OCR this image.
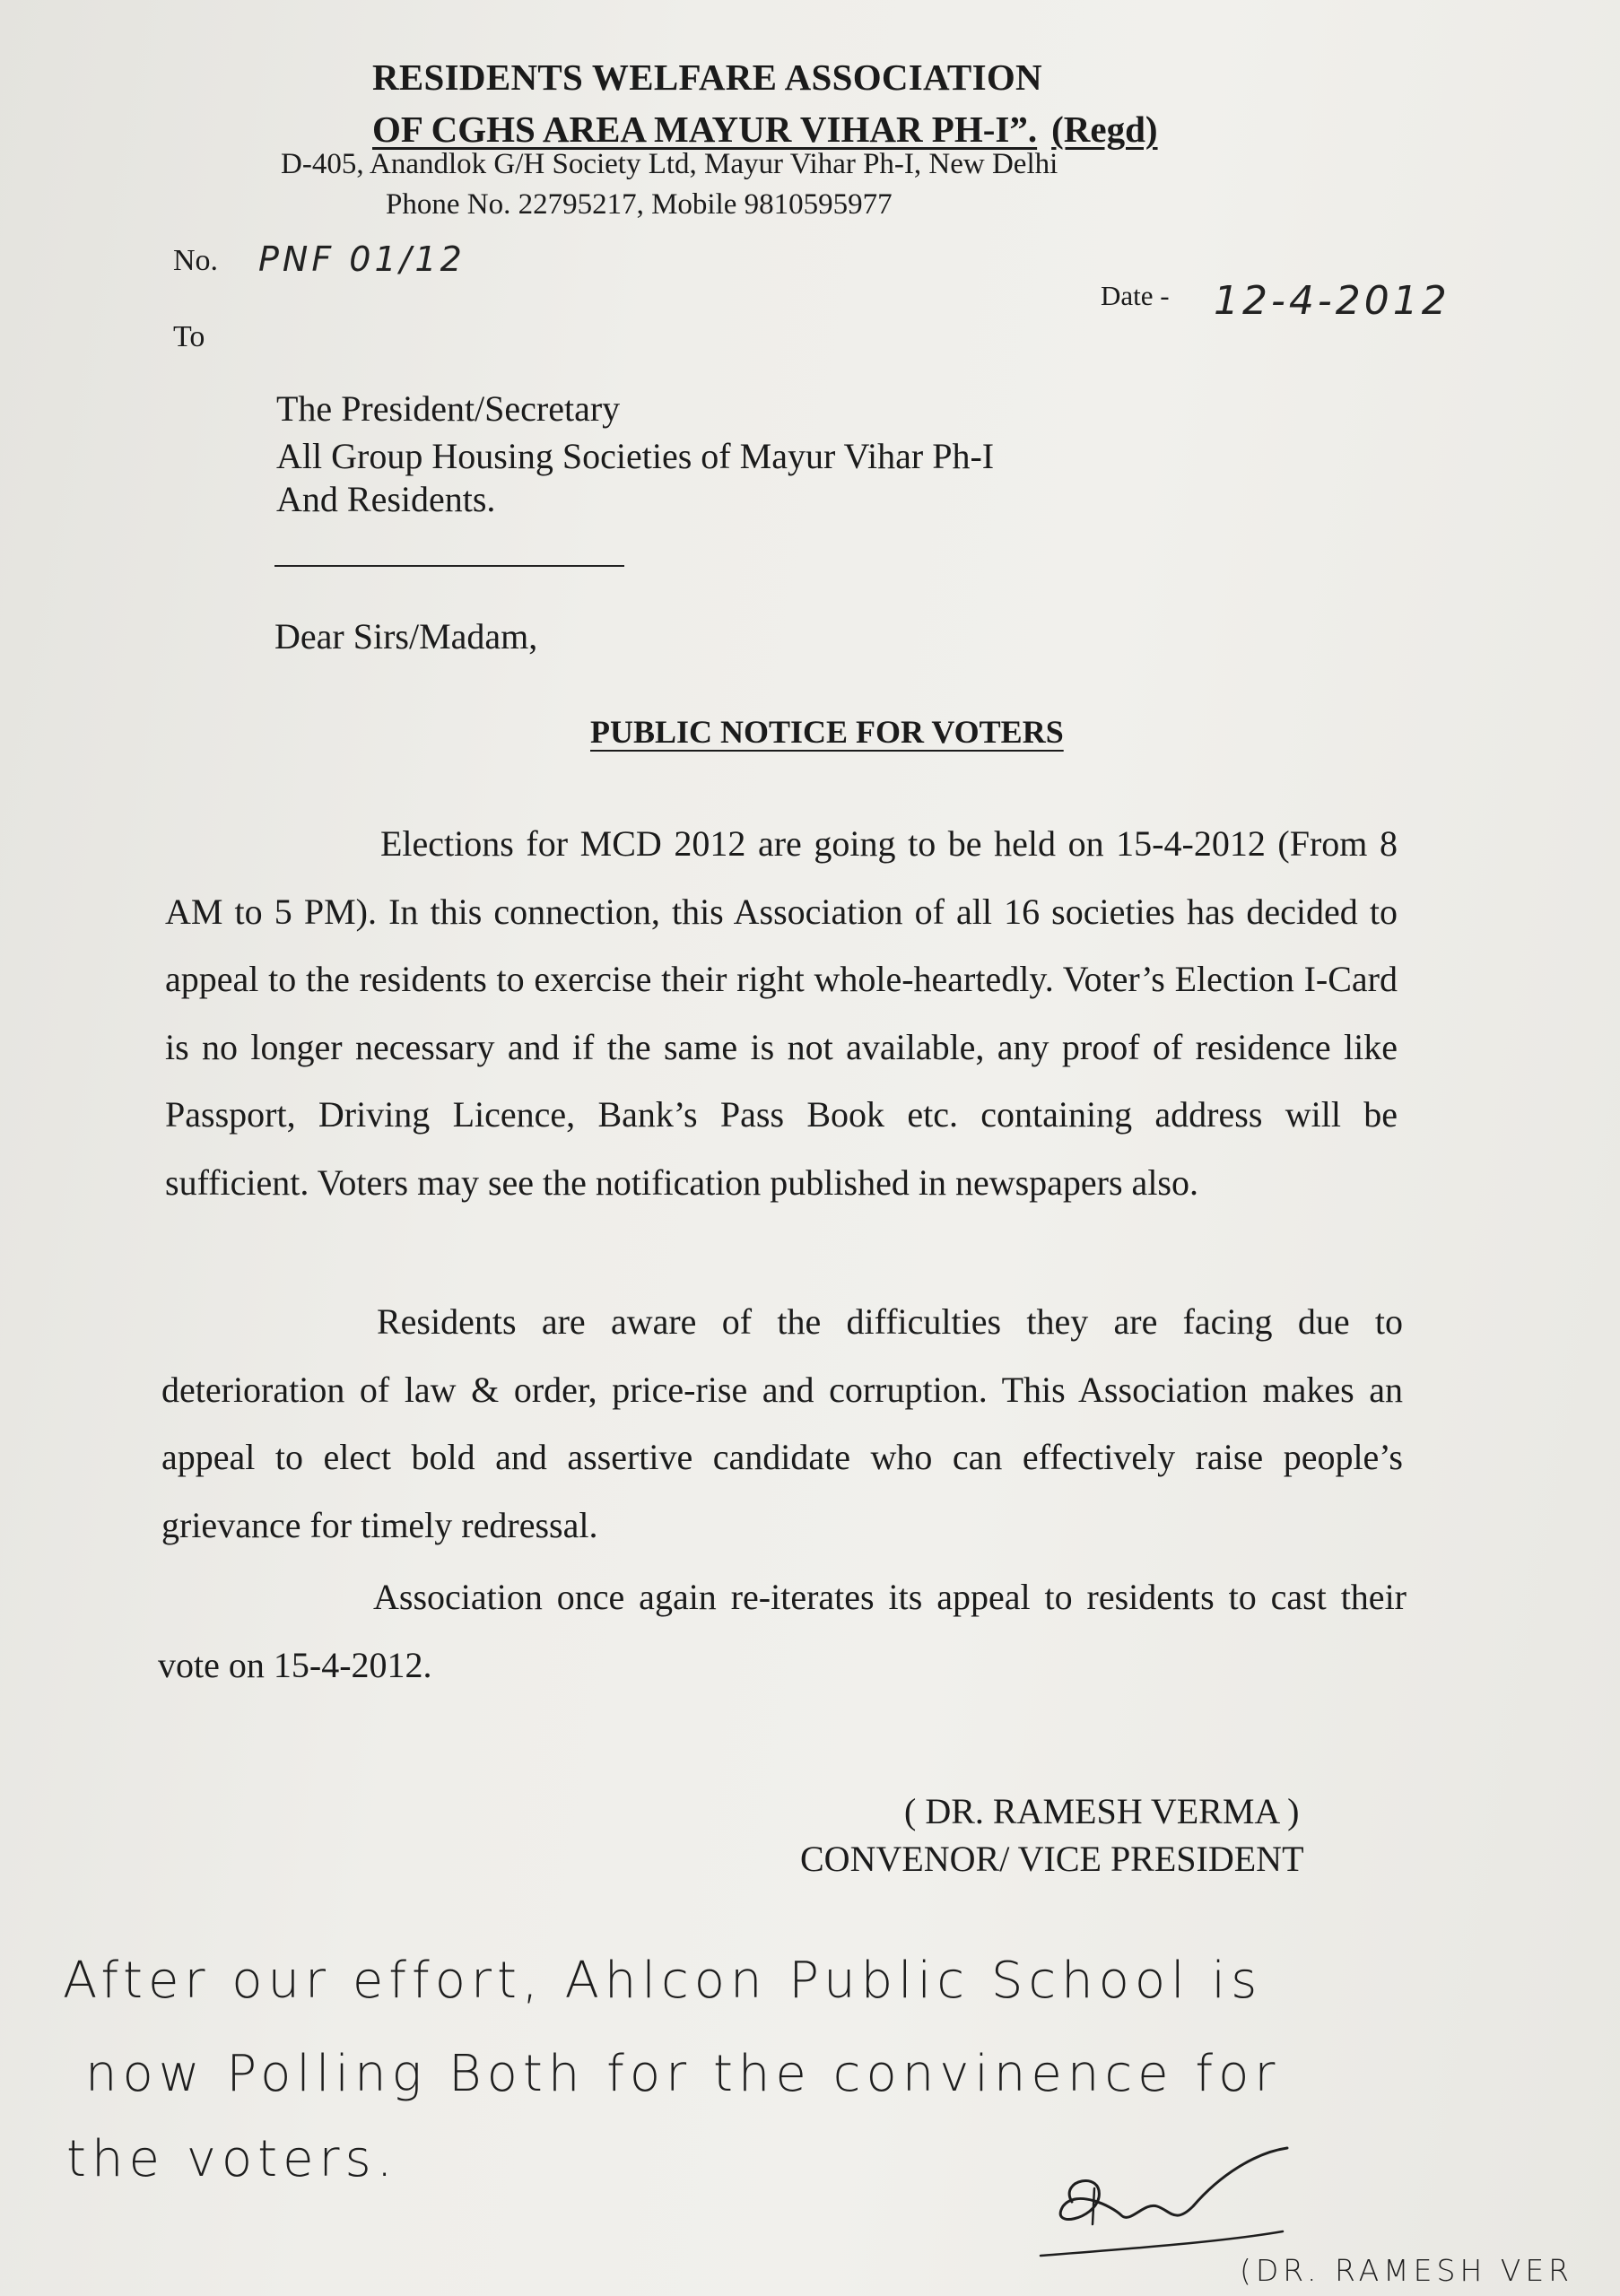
RESIDENTS WELFARE ASSOCIATION
OF CGHS AREA MAYUR VIHAR PH-I”. (Regd)
D-405, Anandlok G/H Society Ltd, Mayur Vihar Ph-I, New Delhi
Phone No. 22795217, Mobile 9810595977
No. PNF 01/12
Date - 12-4-2012
To
The President/Secretary
All Group Housing Societies of Mayur Vihar Ph-I
And Residents.
Dear Sirs/Madam,
PUBLIC NOTICE FOR VOTERS
Elections for MCD 2012 are going to be held on 15-4-2012 (From 8 AM to 5 PM). In this connection, this Association of all 16 societies has decided to appeal to the residents to exercise their right whole-heartedly. Voter’s Election I-Card is no longer necessary and if the same is not available, any proof of residence like Passport, Driving Licence, Bank’s Pass Book etc. containing address will be sufficient. Voters may see the notification published in newspapers also.
Residents are aware of the difficulties they are facing due to deterioration of law & order, price-rise and corruption. This Association makes an appeal to elect bold and assertive candidate who can effectively raise people’s grievance for timely redressal.
Association once again re-iterates its appeal to residents to cast their vote on 15-4-2012.
( DR. RAMESH VERMA )
CONVENOR/ VICE PRESIDENT
After our effort, Ahlcon Public School is
now Polling Both for the convinence for
the voters.
(DR. RAMESH VER
